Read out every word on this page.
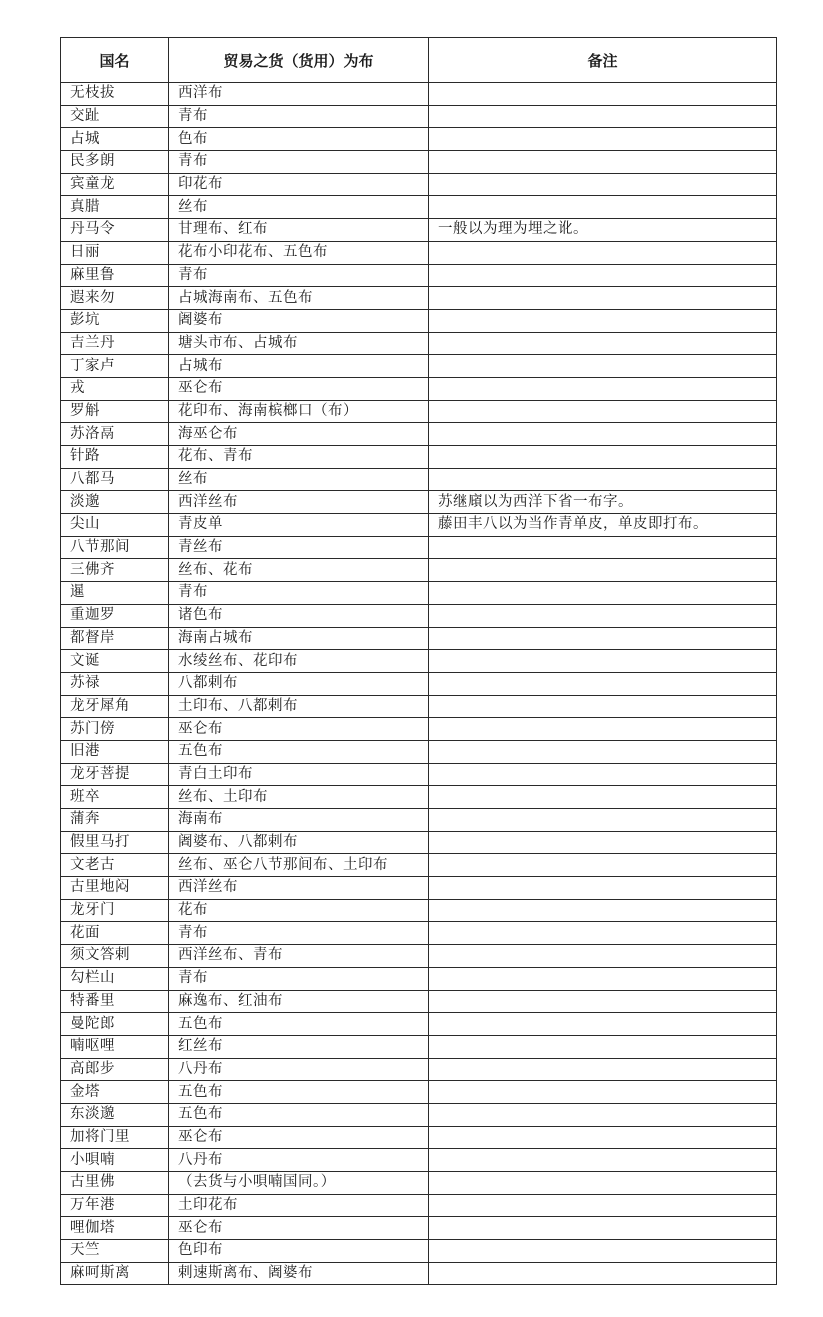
国名	贸易之货（货用）为布	备注
无枝拔	西洋布	
交趾	青布	
占城	色布	
民多朗	青布	
宾童龙	印花布	
真腊	丝布	
丹马令	甘理布、红布	一般以为理为埋之讹。
日丽	花布小印花布、五色布	
麻里鲁	青布	
遐来勿	占城海南布、五色布	
彭坑	阇婆布	
吉兰丹	塘头市布、占城布	
丁家卢	占城布	
戎	巫仑布	
罗斛	花印布、海南槟榔口（布）	
苏洛鬲	海巫仑布	
针路	花布、青布	
八都马	丝布	
淡邈	西洋丝布	苏继廎以为西洋下省一布字。
尖山	青皮单	藤田丰八以为当作青单皮，单皮即打布。
八节那间	青丝布	
三佛齐	丝布、花布	
暹	青布	
重迦罗	诸色布	
都督岸	海南占城布	
文诞	水绫丝布、花印布	
苏禄	八都剌布	
龙牙犀角	土印布、八都剌布	
苏门傍	巫仑布	
旧港	五色布	
龙牙菩提	青白土印布	
班卒	丝布、土印布	
蒲奔	海南布	
假里马打	阇婆布、八都剌布	
文老古	丝布、巫仑八节那间布、土印布	
古里地闷	西洋丝布	
龙牙门	花布	
花面	青布	
须文答剌	西洋丝布、青布	
勾栏山	青布	
特番里	麻逸布、红油布	
曼陀郎	五色布	
喃呕哩	红丝布	
高郎步	八丹布	
金塔	五色布	
东淡邈	五色布	
加将门里	巫仑布	
小唄喃	八丹布	
古里佛	（去货与小唄喃国同。）	
万年港	土印花布	
哩伽塔	巫仑布	
天竺	色印布	
麻呵斯离	剌速斯离布、阇婆布	
